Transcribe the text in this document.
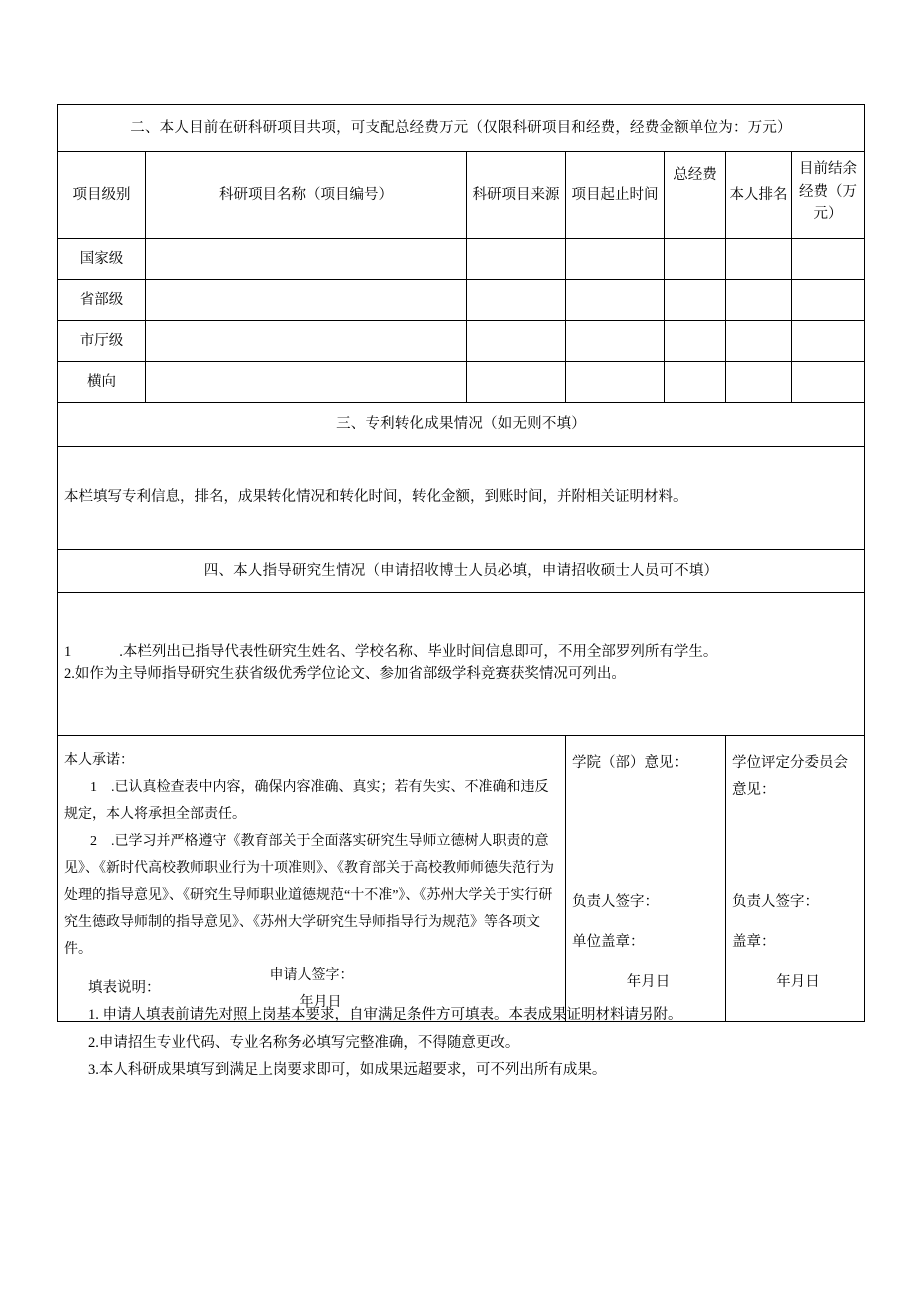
二、本人目前在研科研项目共项，可支配总经费万元（仅限科研项目和经费，经费金额单位为：万元）						
项目级别	科研项目名称（项目编号）	科研项目来源	项目起止时间	总经费	本人排名	目前结余
经费（万
元）
国家级						
省部级						
市厅级						
横向						
三、专利转化成果情况（如无则不填）						

本栏填写专利信息，排名，成果转化情况和转化时间，转化金额，到账时间，并附相关证明材料。						

四、本人指导研究生情况（申请招收博士人员必填，申请招收硕士人员可不填）						

1 .本栏列出已指导代表性研究生姓名、学校名称、毕业时间信息即可，不用全部罗列所有学生。

2.如作为主导师指导研究生获省级优秀学位论文、参加省部级学科竞赛获奖情况可列出。						

本人承诺：

1 .已认真检查表中内容，确保内容准确、真实；若有失实、不准确和违反规定，本人将承担全部责任。

2 .已学习并严格遵守《教育部关于全面落实研究生导师立德树人职责的意见》、《新时代高校教师职业行为十项准则》、《教育部关于高校教师师德失范行为处理的指导意见》、《研究生导师职业道德规范“十不准”》、《苏州大学关于实行研究生德政导师制的指导意见》、《苏州大学研究生导师指导行为规范》等各项文件。

申请人签字：

年月日

学院（部）意见：
负责人签字：
单位盖章：
年月日

学位评定分委员会意见：
负责人签字：
盖章：
年月日

填表说明：

1. 申请人填表前请先对照上岗基本要求，自审满足条件方可填表。本表成果证明材料请另附。

2.申请招生专业代码、专业名称务必填写完整准确，不得随意更改。

3.本人科研成果填写到满足上岗要求即可，如成果远超要求，可不列出所有成果。
